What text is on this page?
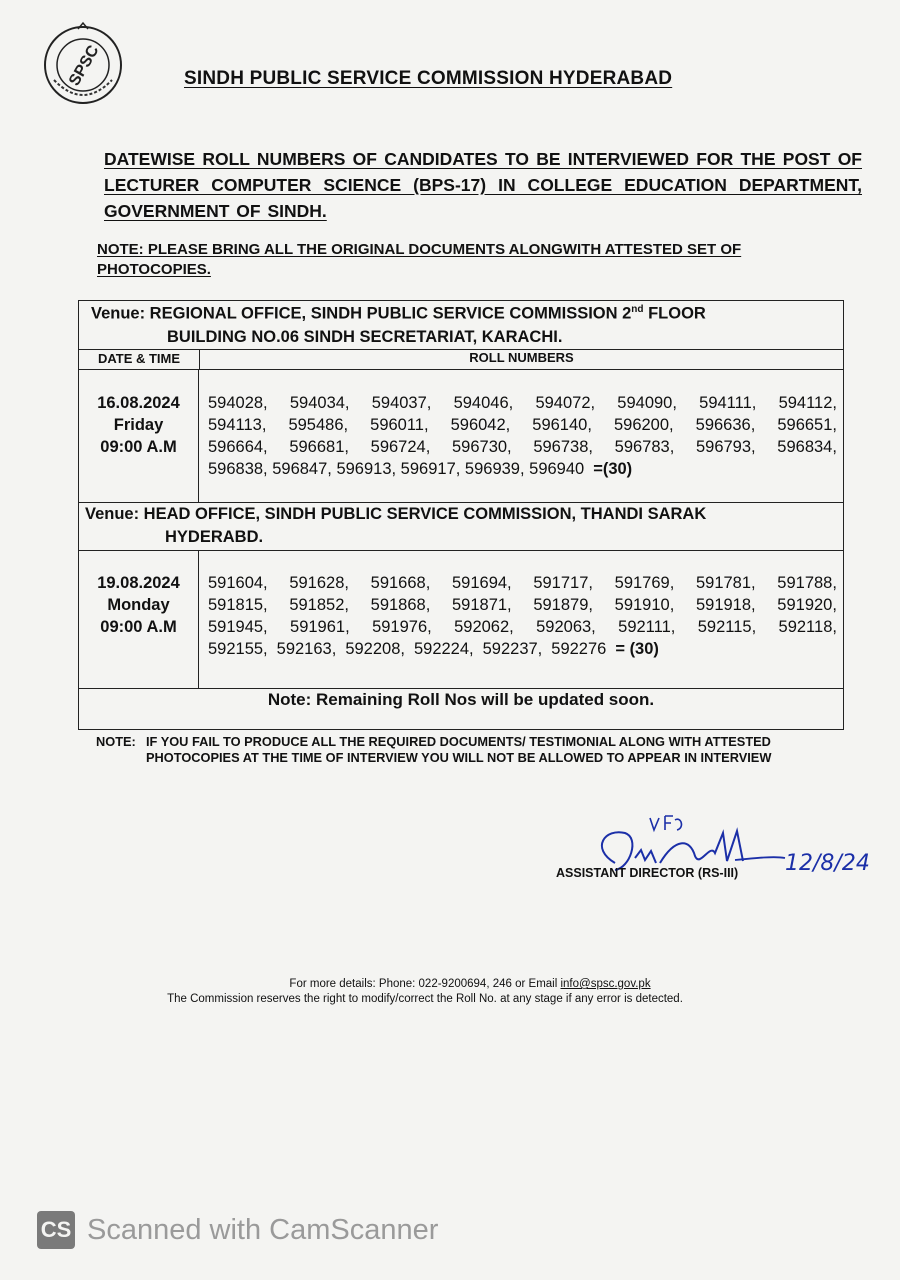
SPSC	SINDH PUBLIC SERVICE COMMISSION HYDERABAD
DATEWISE ROLL NUMBERS OF CANDIDATES TO BE INTERVIEWED FOR THE POST OF LECTURER COMPUTER SCIENCE (BPS-17) IN COLLEGE EDUCATION DEPARTMENT, GOVERNMENT OF SINDH.
NOTE: PLEASE BRING ALL THE ORIGINAL DOCUMENTS ALONGWITH ATTESTED SET OF PHOTOCOPIES.
Venue: REGIONAL OFFICE, SINDH PUBLIC SERVICE COMMISSION 2nd FLOOR
BUILDING NO.06 SINDH SECRETARIAT, KARACHI.
DATE & TIME	ROLL NUMBERS
16.08.2024
Friday
09:00 A.M
594028, 594034, 594037, 594046, 594072, 594090, 594111, 594112,
594113, 595486, 596011, 596042, 596140, 596200, 596636, 596651,
596664, 596681, 596724, 596730, 596738, 596783, 596793, 596834,
596838, 596847, 596913, 596917, 596939, 596940 =(30)
Venue: HEAD OFFICE, SINDH PUBLIC SERVICE COMMISSION, THANDI SARAK
HYDERABD.
19.08.2024
Monday
09:00 A.M
591604, 591628, 591668, 591694, 591717, 591769, 591781, 591788,
591815, 591852, 591868, 591871, 591879, 591910, 591918, 591920,
591945, 591961, 591976, 592062, 592063, 592111, 592115, 592118,
592155, 592163, 592208, 592224, 592237, 592276 = (30)
Note: Remaining Roll Nos will be updated soon.
NOTE: IF YOU FAIL TO PRODUCE ALL THE REQUIRED DOCUMENTS/ TESTIMONIAL ALONG WITH ATTESTED PHOTOCOPIES AT THE TIME OF INTERVIEW YOU WILL NOT BE ALLOWED TO APPEAR IN INTERVIEW
12/8/24
ASSISTANT DIRECTOR (RS-III)
For more details: Phone: 022-9200694, 246 or Email info@spsc.gov.pk
The Commission reserves the right to modify/correct the Roll No. at any stage if any error is detected.
CS Scanned with CamScanner
